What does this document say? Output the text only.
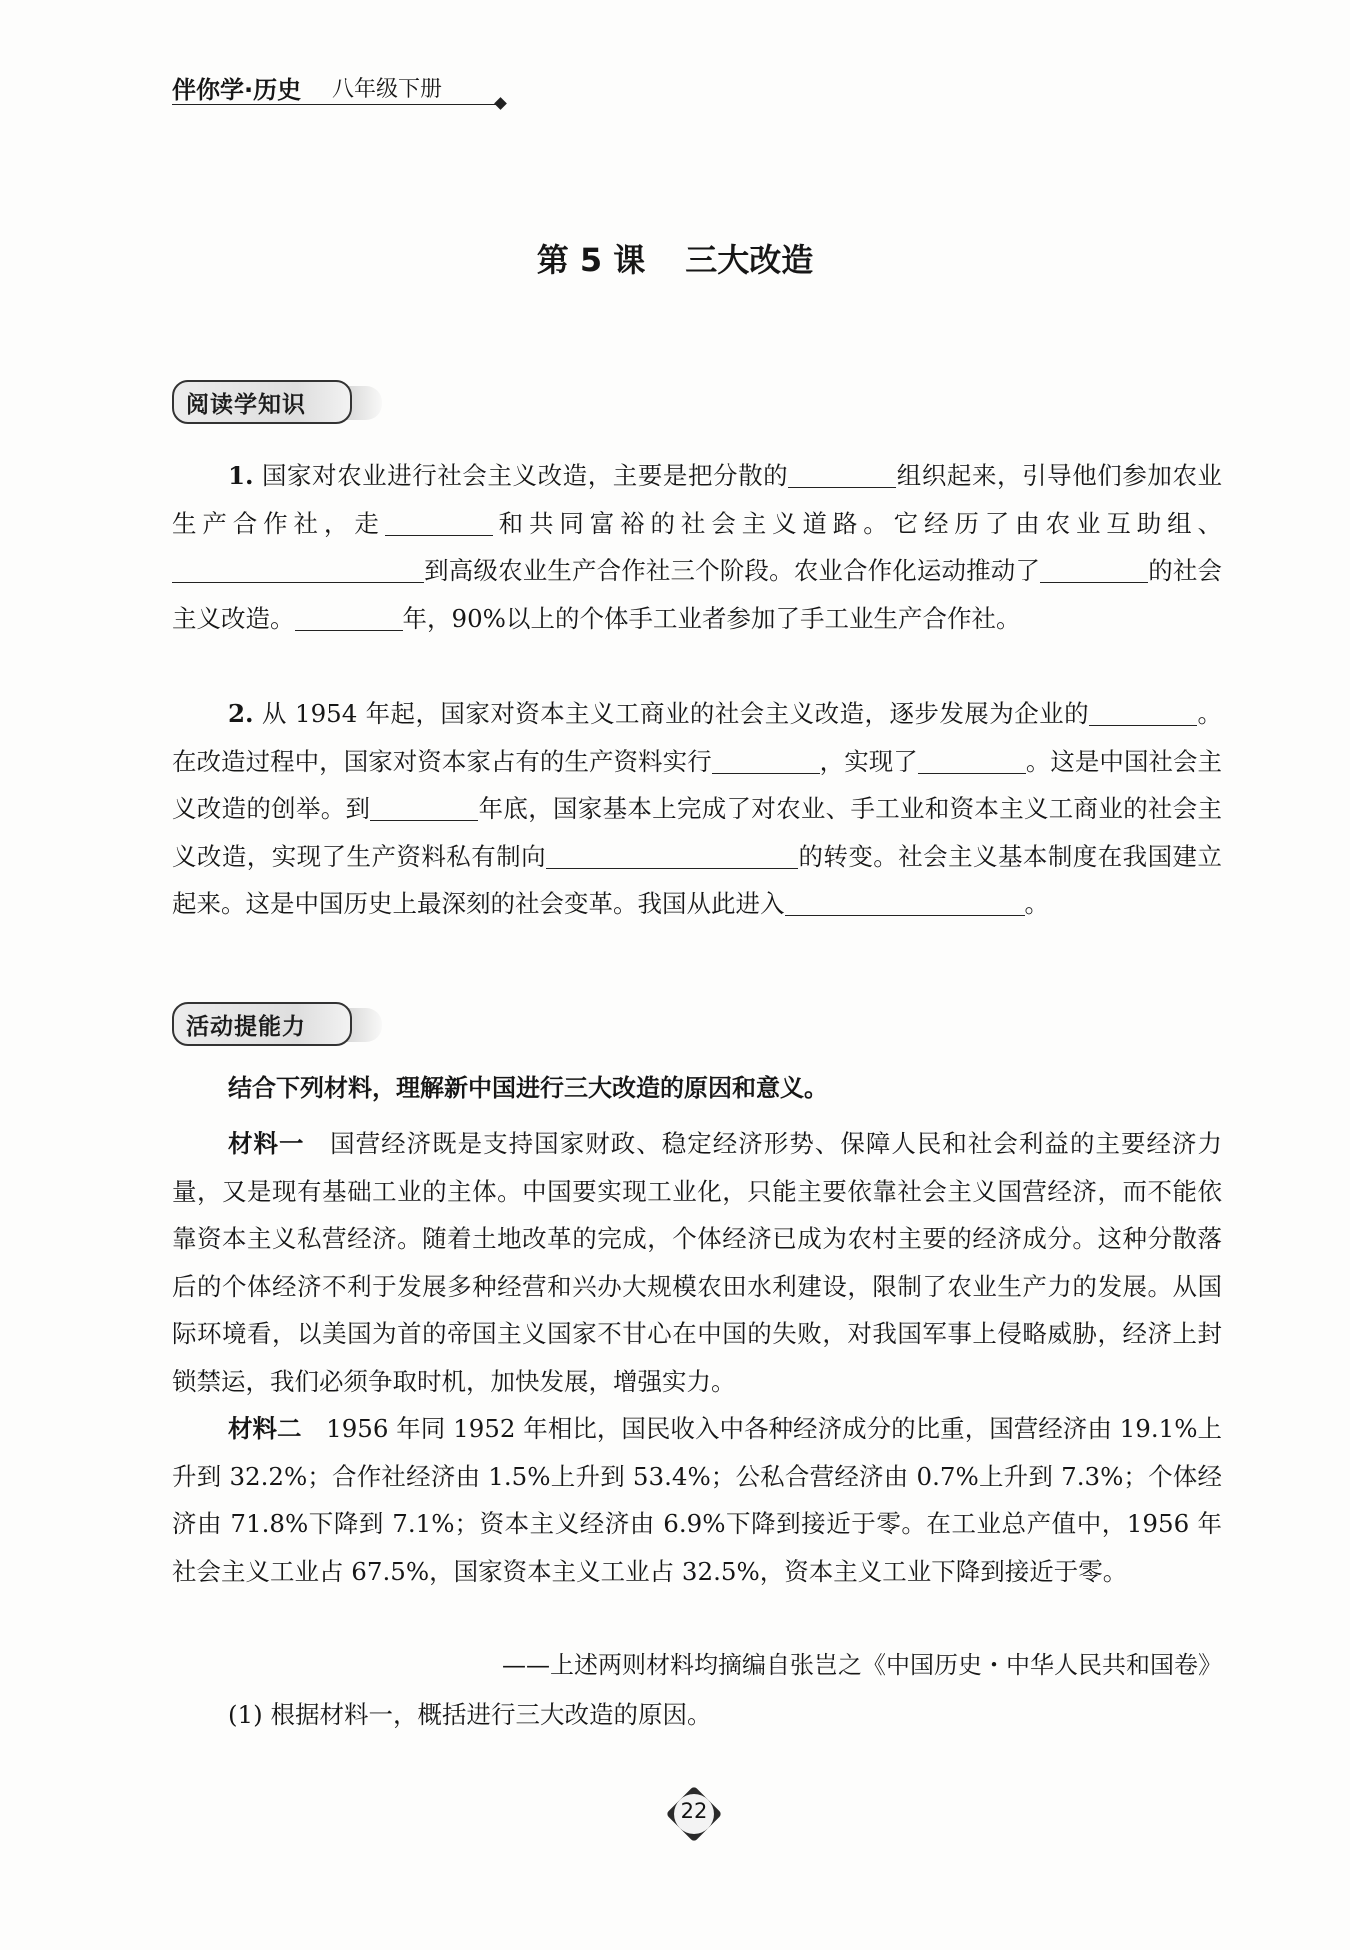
伴你学·历史 八年级下册
第 5 课 三大改造
阅读学知识
1. 国家对农业进行社会主义改造，主要是把分散的	组织起来，引导他们参加农业生产合作社，走	和共同富裕的社会主义道路。它经历了由农业互助组、到高级农业生产合作社三个阶段。农业合作化运动推动了	的社会主义改造。	年，90%以上的个体手工业者参加了手工业生产合作社。
2. 从 1954 年起，国家对资本主义工商业的社会主义改造，逐步发展为企业的	。在改造过程中，国家对资本家占有的生产资料实行	，实现了	。这是中国社会主义改造的创举。到	年底，国家基本上完成了对农业、手工业和资本主义工商业的社会主义改造，实现了生产资料私有制向	的转变。社会主义基本制度在我国建立起来。这是中国历史上最深刻的社会变革。我国从此进入	。
活动提能力
结合下列材料，理解新中国进行三大改造的原因和意义。
材料一　 国营经济既是支持国家财政、稳定经济形势、保障人民和社会利益的主要经济力量，又是现有基础工业的主体。中国要实现工业化，只能主要依靠社会主义国营经济，而不能依靠资本主义私营经济。随着土地改革的完成，个体经济已成为农村主要的经济成分。这种分散落后的个体经济不利于发展多种经营和兴办大规模农田水利建设，限制了农业生产力的发展。从国际环境看，以美国为首的帝国主义国家不甘心在中国的失败，对我国军事上侵略威胁，经济上封锁禁运，我们必须争取时机，加快发展，增强实力。
材料二　 1956 年同 1952 年相比，国民收入中各种经济成分的比重，国营经济由 19.1%上升到 32.2%；合作社经济由 1.5%上升到 53.4%；公私合营经济由 0.7%上升到 7.3%；个体经济由 71.8%下降到 7.1%；资本主义经济由 6.9%下降到接近于零。在工业总产值中，1956 年社会主义工业占 67.5%，国家资本主义工业占 32.5%，资本主义工业下降到接近于零。
——上述两则材料均摘编自张岂之《中国历史・中华人民共和国卷》
(1) 根据材料一，概括进行三大改造的原因。
22
